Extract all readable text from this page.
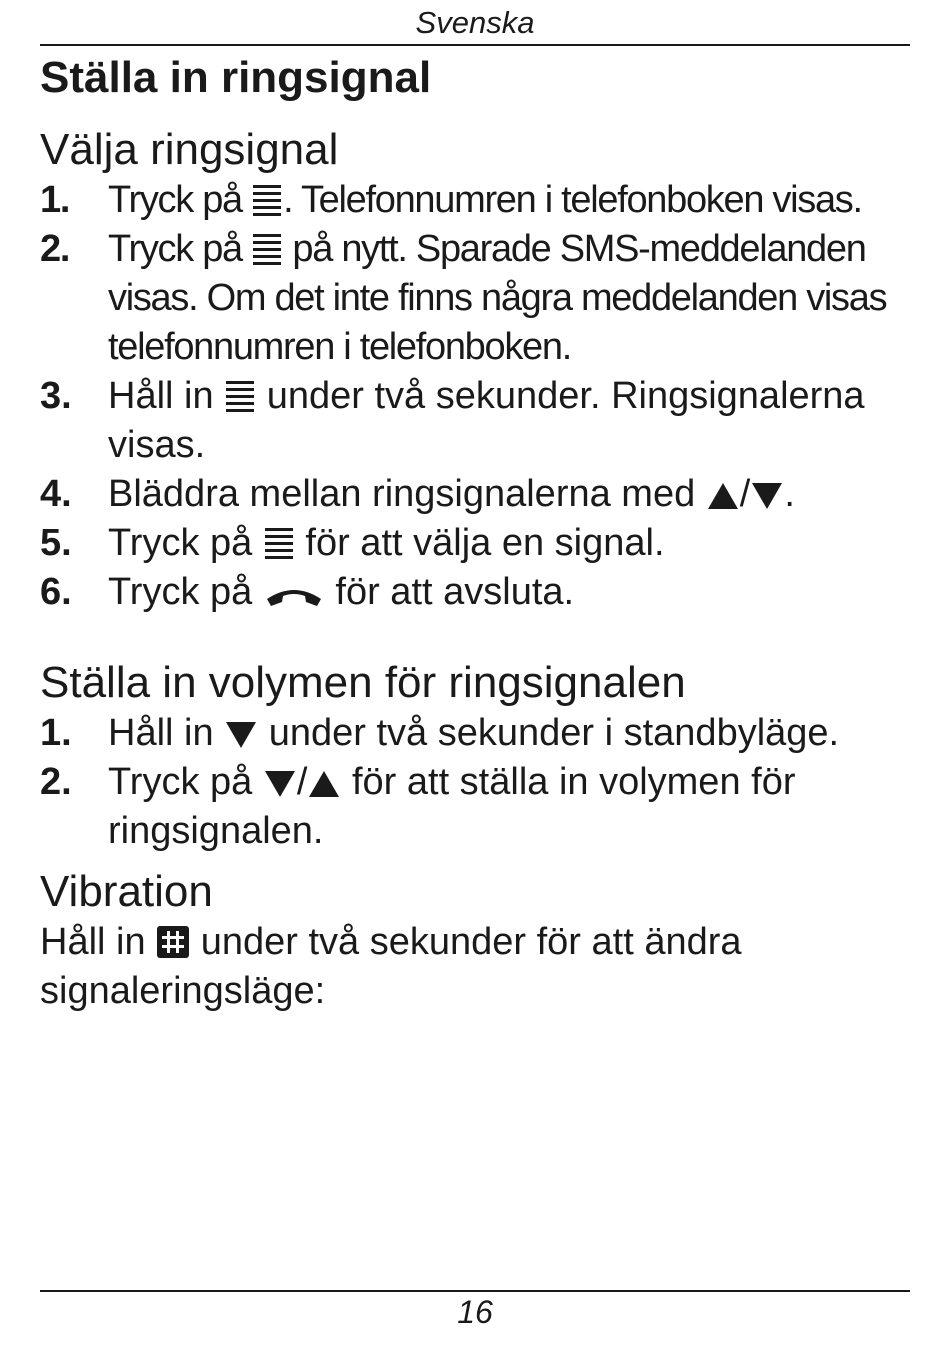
Svenska
Ställa in ringsignal
Välja ringsignal
1. Tryck på . Telefonnumren i telefonboken visas.
2. Tryck på på nytt. Sparade SMS-meddelanden visas. Om det inte finns några meddelanden visas telefonnumren i telefonboken.
3. Håll in under två sekunder. Ringsignalerna visas.
4. Bläddra mellan ringsignalerna med / .
5. Tryck på för att välja en signal.
6. Tryck på för att avsluta.
Ställa in volymen för ringsignalen
1. Håll in under två sekunder i standbyläge.
2. Tryck på / för att ställa in volymen för ringsignalen.
Vibration

Håll in under två sekunder för att ändra signaleringsläge:

16
